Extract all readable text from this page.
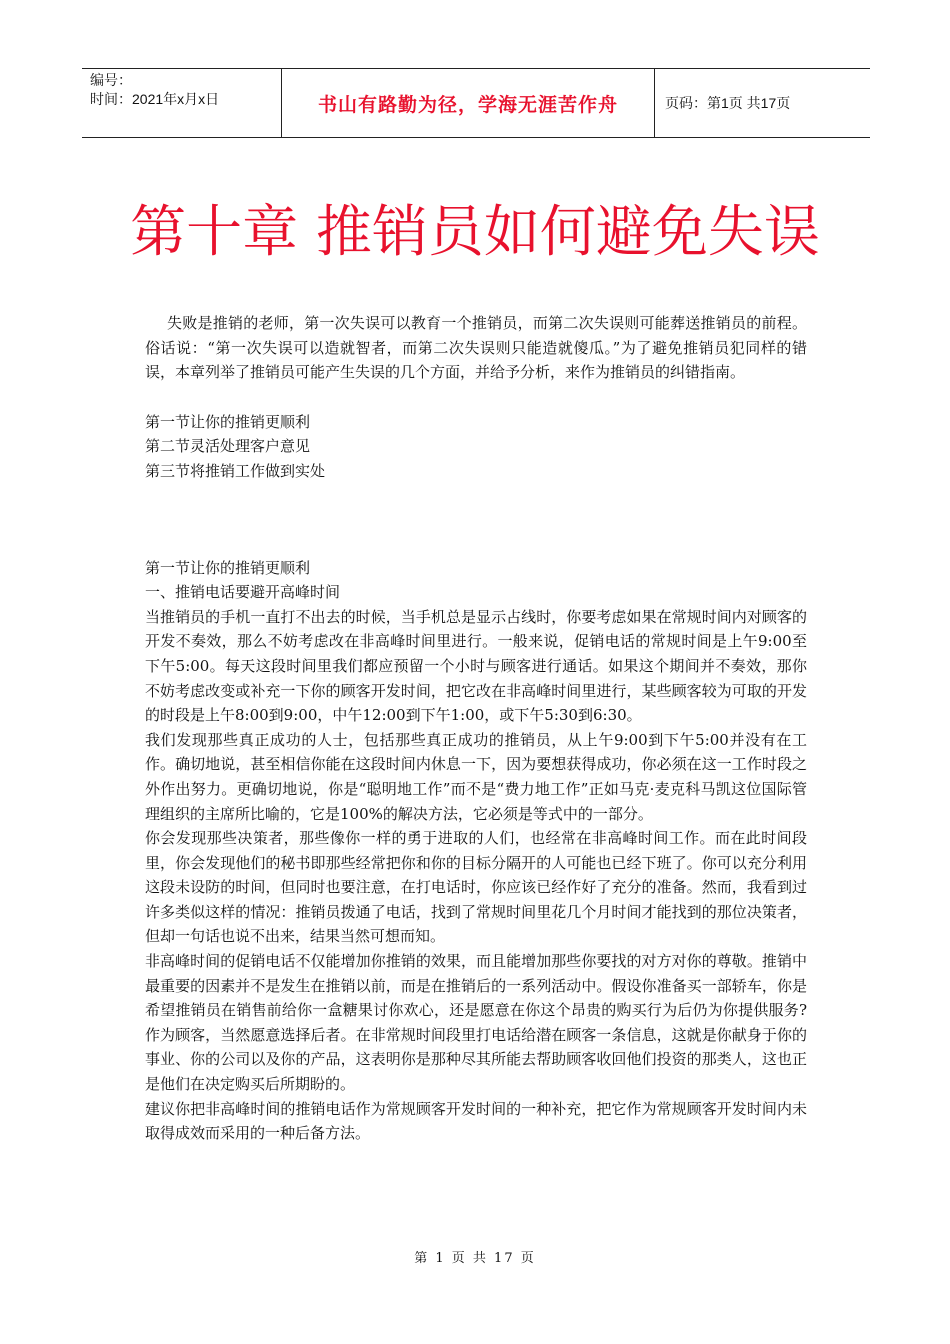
编号：
时间：2021年x月x日	书山有路勤为径，学海无涯苦作舟	页码：第1页 共17页
第十章 推销员如何避免失误

失败是推销的老师，第一次失误可以教育一个推销员，而第二次失误则可能葬送推销员的前程。俗话说：“第一次失误可以造就智者，而第二次失误则只能造就傻瓜。”为了避免推销员犯同样的错误，本章列举了推销员可能产生失误的几个方面，并给予分析，来作为推销员的纠错指南。

第一节让你的推销更顺利

第二节灵活处理客户意见

第三节将推销工作做到实处

第一节让你的推销更顺利

一、推销电话要避开高峰时间

当推销员的手机一直打不出去的时候，当手机总是显示占线时，你要考虑如果在常规时间内对顾客的开发不奏效，那么不妨考虑改在非高峰时间里进行。一般来说，促销电话的常规时间是上午9:00至下午5:00。每天这段时间里我们都应预留一个小时与顾客进行通话。如果这个期间并不奏效，那你不妨考虑改变或补充一下你的顾客开发时间，把它改在非高峰时间里进行，某些顾客较为可取的开发的时段是上午8:00到9:00，中午12:00到下午1:00，或下午5:30到6:30。

我们发现那些真正成功的人士，包括那些真正成功的推销员，从上午9:00到下午5:00并没有在工作。确切地说，甚至相信你能在这段时间内休息一下，因为要想获得成功，你必须在这一工作时段之外作出努力。更确切地说，你是“聪明地工作”而不是“费力地工作”正如马克·麦克科马凯这位国际管理组织的主席所比喻的，它是100%的解决方法，它必须是等式中的一部分。

你会发现那些决策者，那些像你一样的勇于进取的人们，也经常在非高峰时间工作。而在此时间段里，你会发现他们的秘书即那些经常把你和你的目标分隔开的人可能也已经下班了。你可以充分利用这段未设防的时间，但同时也要注意，在打电话时，你应该已经作好了充分的准备。然而，我看到过许多类似这样的情况：推销员拨通了电话，找到了常规时间里花几个月时间才能找到的那位决策者，但却一句话也说不出来，结果当然可想而知。

非高峰时间的促销电话不仅能增加你推销的效果，而且能增加那些你要找的对方对你的尊敬。推销中最重要的因素并不是发生在推销以前，而是在推销后的一系列活动中。假设你准备买一部轿车，你是希望推销员在销售前给你一盒糖果讨你欢心，还是愿意在你这个昂贵的购买行为后仍为你提供服务?作为顾客，当然愿意选择后者。在非常规时间段里打电话给潜在顾客一条信息，这就是你献身于你的事业、你的公司以及你的产品，这表明你是那种尽其所能去帮助顾客收回他们投资的那类人，这也正是他们在决定购买后所期盼的。

建议你把非高峰时间的推销电话作为常规顾客开发时间的一种补充，把它作为常规顾客开发时间内未取得成效而采用的一种后备方法。

第 1 页 共 17 页
